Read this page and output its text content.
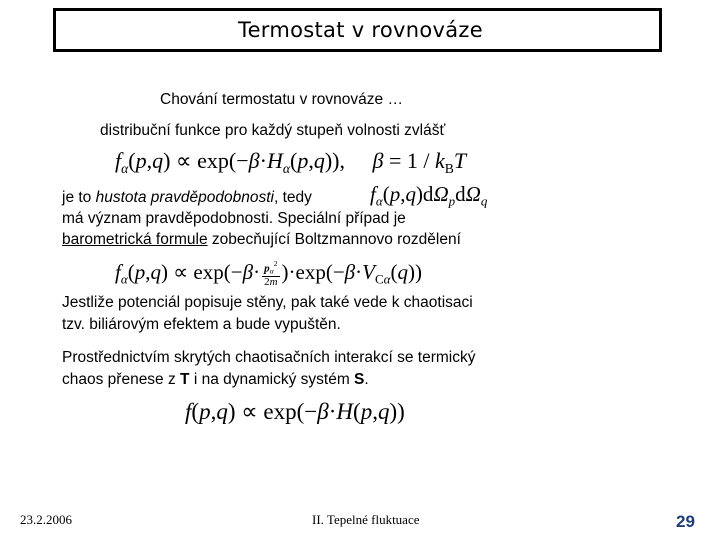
Termostat v rovnováze
Chování termostatu v rovnováze …
distribuční funkce pro každý stupeň volnosti zvlášť
$f_\alpha(p,q) \propto \exp(-\beta\cdot H_\alpha(p,q))$,     $\beta = 1 / k_BT$
je to hustota pravděpodobnosti, tedy	$f_\alpha(p,q)d\Omega_pd\Omega_q$
má význam pravděpodobnosti. Speciální případ je
barometrická formule zobecňující Boltzmannovo rozdělení
$f_\alpha(p,q) \propto \exp(-\beta\cdot \frac{p_\alpha^2}{2m} )\cdot\exp(-\beta\cdot V_{C\alpha}(q))$
Jestliže potenciál popisuje stěny, pak také vede k chaotisaci
tzv. biliárovým efektem a bude vypuštěn.
Prostřednictvím skrytých chaotisačních interakcí se termický
chaos přenese z T i na dynamický systém S.
f(p,q) ∝ exp(−β·H(p,q))
23.2.2006	II. Tepelné fluktuace	29
